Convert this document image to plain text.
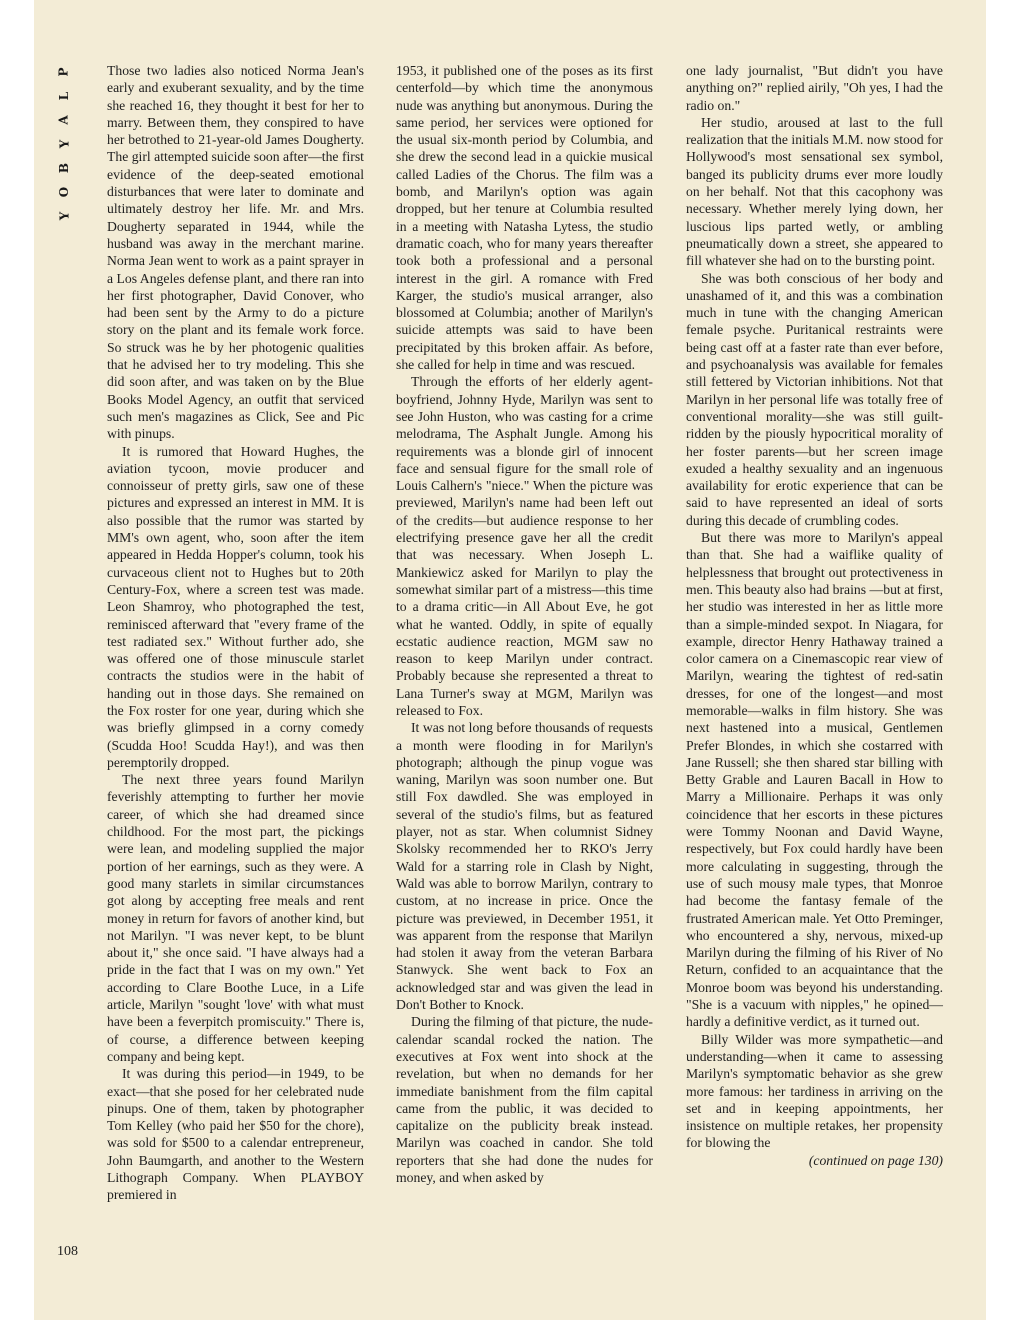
P
L
A
Y
B
O
Y

Those two ladies also noticed Norma Jean's early and exuberant sexuality, and by the time she reached 16, they thought it best for her to marry. Between them, they conspired to have her betrothed to 21-year-old James Dougherty. The girl attempted suicide soon after—the first evidence of the deep-seated emotional disturbances that were later to dominate and ultimately destroy her life. Mr. and Mrs. Dougherty separated in 1944, while the husband was away in the merchant marine. Norma Jean went to work as a paint sprayer in a Los Angeles defense plant, and there ran into her first photographer, David Conover, who had been sent by the Army to do a picture story on the plant and its female work force. So struck was he by her photogenic qualities that he advised her to try modeling. This she did soon after, and was taken on by the Blue Books Model Agency, an outfit that serviced such men's magazines as Click, See and Pic with pinups.

It is rumored that Howard Hughes, the aviation tycoon, movie producer and connoisseur of pretty girls, saw one of these pictures and expressed an interest in MM. It is also possible that the rumor was started by MM's own agent, who, soon after the item appeared in Hedda Hopper's column, took his curvaceous client not to Hughes but to 20th Century-Fox, where a screen test was made. Leon Shamroy, who photographed the test, reminisced afterward that "every frame of the test radiated sex." Without further ado, she was offered one of those minuscule starlet contracts the studios were in the habit of handing out in those days. She remained on the Fox roster for one year, during which she was briefly glimpsed in a corny comedy (Scudda Hoo! Scudda Hay!), and was then peremptorily dropped.

The next three years found Marilyn feverishly attempting to further her movie career, of which she had dreamed since childhood. For the most part, the pickings were lean, and modeling supplied the major portion of her earnings, such as they were. A good many starlets in similar circumstances got along by accepting free meals and rent money in return for favors of another kind, but not Marilyn. "I was never kept, to be blunt about it," she once said. "I have always had a pride in the fact that I was on my own." Yet according to Clare Boothe Luce, in a Life article, Marilyn "sought 'love' with what must have been a feverpitch promiscuity." There is, of course, a difference between keeping company and being kept.

It was during this period—in 1949, to be exact—that she posed for her celebrated nude pinups. One of them, taken by photographer Tom Kelley (who paid her $50 for the chore), was sold for $500 to a calendar entrepreneur, John Baumgarth, and another to the Western Lithograph Company. When PLAYBOY premiered in

1953, it published one of the poses as its first centerfold—by which time the anonymous nude was anything but anonymous. During the same period, her services were optioned for the usual six-month period by Columbia, and she drew the second lead in a quickie musical called Ladies of the Chorus. The film was a bomb, and Marilyn's option was again dropped, but her tenure at Columbia resulted in a meeting with Natasha Lytess, the studio dramatic coach, who for many years thereafter took both a professional and a personal interest in the girl. A romance with Fred Karger, the studio's musical arranger, also blossomed at Columbia; another of Marilyn's suicide attempts was said to have been precipitated by this broken affair. As before, she called for help in time and was rescued.

Through the efforts of her elderly agent-boyfriend, Johnny Hyde, Marilyn was sent to see John Huston, who was casting for a crime melodrama, The Asphalt Jungle. Among his requirements was a blonde girl of innocent face and sensual figure for the small role of Louis Calhern's "niece." When the picture was previewed, Marilyn's name had been left out of the credits—but audience response to her electrifying presence gave her all the credit that was necessary. When Joseph L. Mankiewicz asked for Marilyn to play the somewhat similar part of a mistress—this time to a drama critic—in All About Eve, he got what he wanted. Oddly, in spite of equally ecstatic audience reaction, MGM saw no reason to keep Marilyn under contract. Probably because she represented a threat to Lana Turner's sway at MGM, Marilyn was released to Fox.

It was not long before thousands of requests a month were flooding in for Marilyn's photograph; although the pinup vogue was waning, Marilyn was soon number one. But still Fox dawdled. She was employed in several of the studio's films, but as featured player, not as star. When columnist Sidney Skolsky recommended her to RKO's Jerry Wald for a starring role in Clash by Night, Wald was able to borrow Marilyn, contrary to custom, at no increase in price. Once the picture was previewed, in December 1951, it was apparent from the response that Marilyn had stolen it away from the veteran Barbara Stanwyck. She went back to Fox an acknowledged star and was given the lead in Don't Bother to Knock.

During the filming of that picture, the nude-calendar scandal rocked the nation. The executives at Fox went into shock at the revelation, but when no demands for her immediate banishment from the film capital came from the public, it was decided to capitalize on the publicity break instead. Marilyn was coached in candor. She told reporters that she had done the nudes for money, and when asked by

one lady journalist, "But didn't you have anything on?" replied airily, "Oh yes, I had the radio on."

Her studio, aroused at last to the full realization that the initials M.M. now stood for Hollywood's most sensational sex symbol, banged its publicity drums ever more loudly on her behalf. Not that this cacophony was necessary. Whether merely lying down, her luscious lips parted wetly, or ambling pneumatically down a street, she appeared to fill whatever she had on to the bursting point.

She was both conscious of her body and unashamed of it, and this was a combination much in tune with the changing American female psyche. Puritanical restraints were being cast off at a faster rate than ever before, and psychoanalysis was available for females still fettered by Victorian inhibitions. Not that Marilyn in her personal life was totally free of conventional morality—she was still guilt-ridden by the piously hypocritical morality of her foster parents—but her screen image exuded a healthy sexuality and an ingenuous availability for erotic experience that can be said to have represented an ideal of sorts during this decade of crumbling codes.

But there was more to Marilyn's appeal than that. She had a waiflike quality of helplessness that brought out protectiveness in men. This beauty also had brains —but at first, her studio was interested in her as little more than a simple-minded sexpot. In Niagara, for example, director Henry Hathaway trained a color camera on a Cinemascopic rear view of Marilyn, wearing the tightest of red-satin dresses, for one of the longest—and most memorable—walks in film history. She was next hastened into a musical, Gentlemen Prefer Blondes, in which she costarred with Jane Russell; she then shared star billing with Betty Grable and Lauren Bacall in How to Marry a Millionaire. Perhaps it was only coincidence that her escorts in these pictures were Tommy Noonan and David Wayne, respectively, but Fox could hardly have been more calculating in suggesting, through the use of such mousy male types, that Monroe had become the fantasy female of the frustrated American male. Yet Otto Preminger, who encountered a shy, nervous, mixed-up Marilyn during the filming of his River of No Return, confided to an acquaintance that the Monroe boom was beyond his understanding. "She is a vacuum with nipples," he opined—hardly a definitive verdict, as it turned out.

Billy Wilder was more sympathetic—and understanding—when it came to assessing Marilyn's symptomatic behavior as she grew more famous: her tardiness in arriving on the set and in keeping appointments, her insistence on multiple retakes, her propensity for blowing the

(continued on page 130)
108
